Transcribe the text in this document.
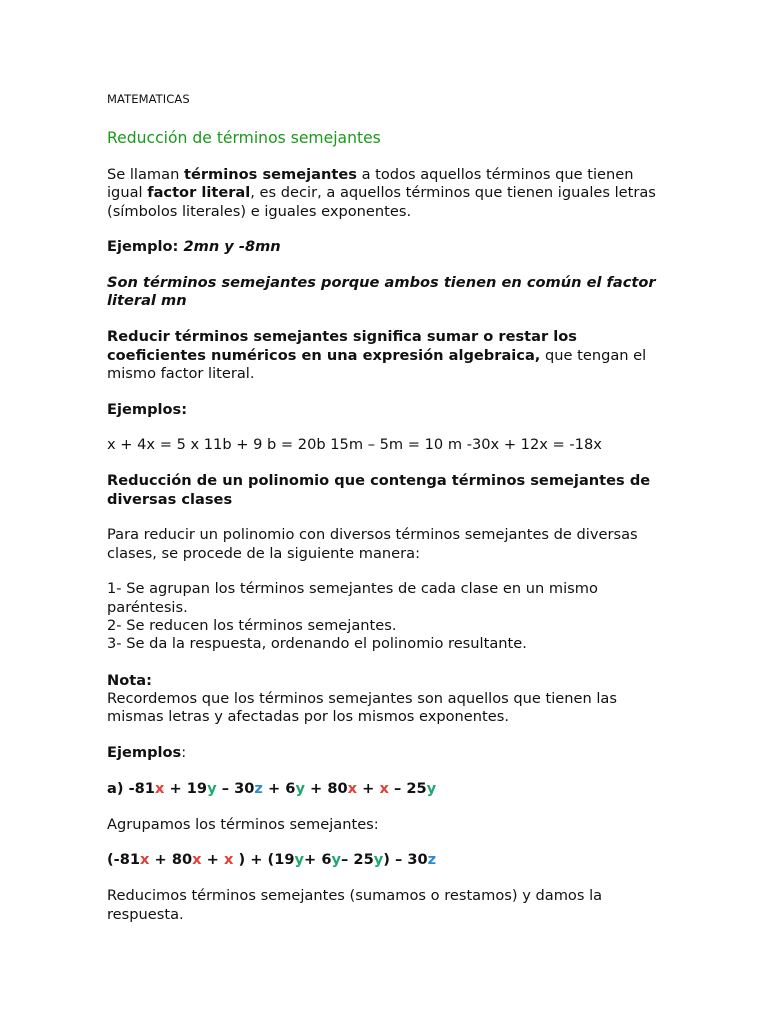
MATEMATICAS
Reducción de términos semejantes

Se llaman términos semejantes a todos aquellos términos que tienen igual factor literal, es decir, a aquellos términos que tienen iguales letras (símbolos literales) e iguales exponentes.

Ejemplo: 2mn y -8mn

Son términos semejantes porque ambos tienen en común el factor literal mn

Reducir términos semejantes significa sumar o restar los coeficientes numéricos en una expresión algebraica, que tengan el mismo factor literal.

Ejemplos:

x + 4x = 5 x 11b + 9 b = 20b 15m – 5m = 10 m -30x + 12x = -18x

Reducción de un polinomio que contenga términos semejantes de diversas clases

Para reducir un polinomio con diversos términos semejantes de diversas clases, se procede de la siguiente manera:

1- Se agrupan los términos semejantes de cada clase en un mismo paréntesis.
2- Se reducen los términos semejantes.
3- Se da la respuesta, ordenando el polinomio resultante.

Nota:
Recordemos que los términos semejantes son aquellos que tienen las mismas letras y afectadas por los mismos exponentes.

Ejemplos:

a) -81x + 19y – 30z + 6y + 80x + x – 25y

Agrupamos los términos semejantes:

(-81x + 80x + x ) + (19y+ 6y– 25y) – 30z

Reducimos términos semejantes (sumamos o restamos) y damos la respuesta.
